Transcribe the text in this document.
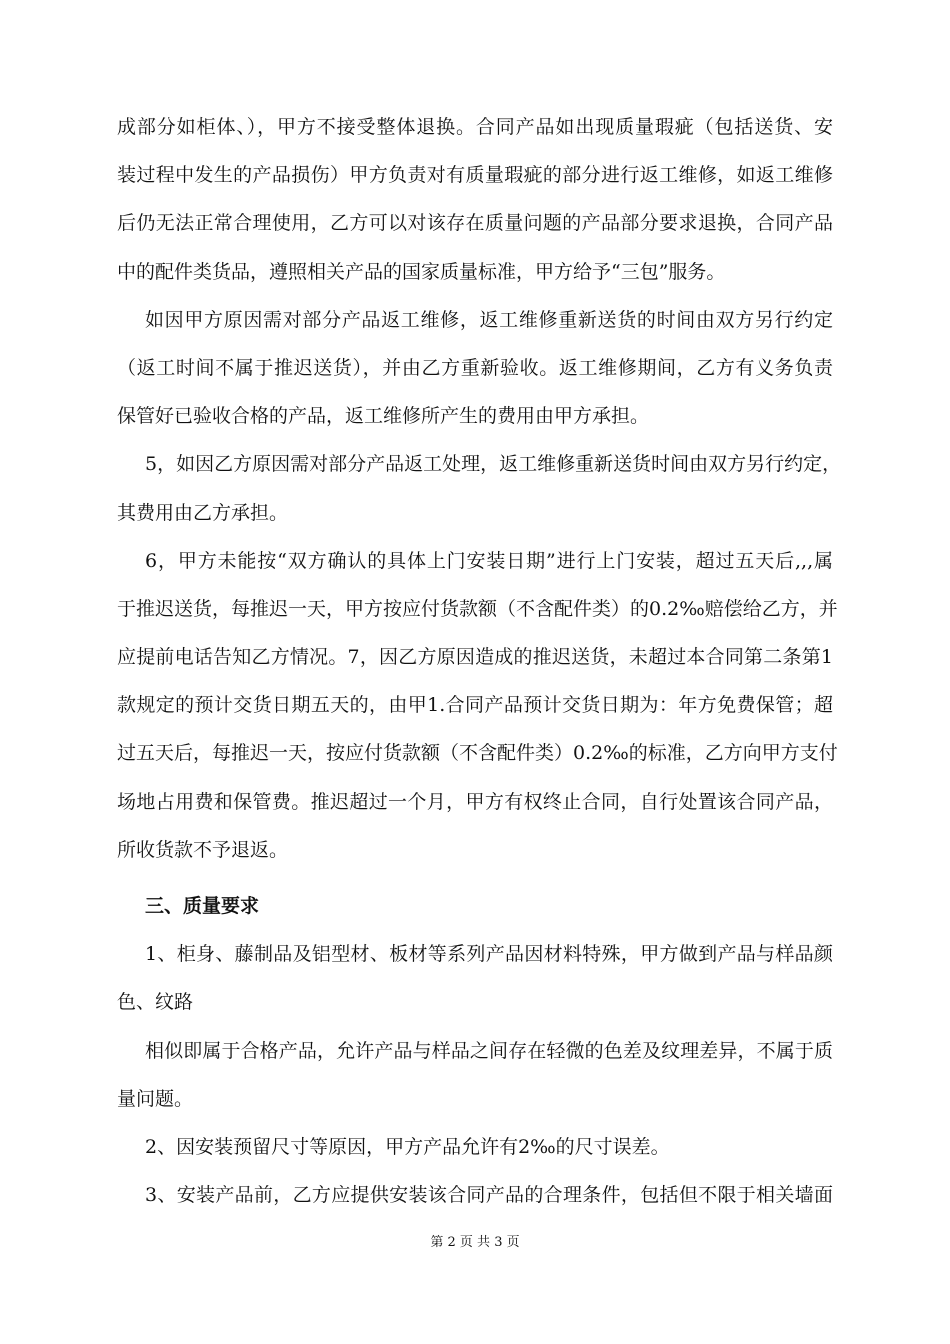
成部分如柜体、），甲方不接受整体退换。合同产品如出现质量瑕疵（包括送货、安
装过程中发生的产品损伤）甲方负责对有质量瑕疵的部分进行返工维修，如返工维修
后仍无法正常合理使用，乙方可以对该存在质量问题的产品部分要求退换，合同产品
中的配件类货品，遵照相关产品的国家质量标准，甲方给予“三包”服务。
如因甲方原因需对部分产品返工维修，返工维修重新送货的时间由双方另行约定
（返工时间不属于推迟送货），并由乙方重新验收。返工维修期间，乙方有义务负责
保管好已验收合格的产品，返工维修所产生的费用由甲方承担。
5，如因乙方原因需对部分产品返工处理，返工维修重新送货时间由双方另行约定，
其费用由乙方承担。
6，甲方未能按“双方确认的具体上门安装日期”进行上门安装，超过五天后,,,属
于推迟送货，每推迟一天，甲方按应付货款额（不含配件类）的0.2‰赔偿给乙方，并
应提前电话告知乙方情况。7，因乙方原因造成的推迟送货，未超过本合同第二条第1
款规定的预计交货日期五天的，由甲1.合同产品预计交货日期为：年方免费保管；超
过五天后，每推迟一天，按应付货款额（不含配件类）0.2‰的标准，乙方向甲方支付
场地占用费和保管费。推迟超过一个月，甲方有权终止合同，自行处置该合同产品，
所收货款不予退返。
三、质量要求
1、柜身、藤制品及铝型材、板材等系列产品因材料特殊，甲方做到产品与样品颜
色、纹路
相似即属于合格产品，允许产品与样品之间存在轻微的色差及纹理差异，不属于质
量问题。
2、因安装预留尺寸等原因，甲方产品允许有2‰的尺寸误差。
3、安装产品前，乙方应提供安装该合同产品的合理条件，包括但不限于相关墙面
第 2 页 共 3 页
